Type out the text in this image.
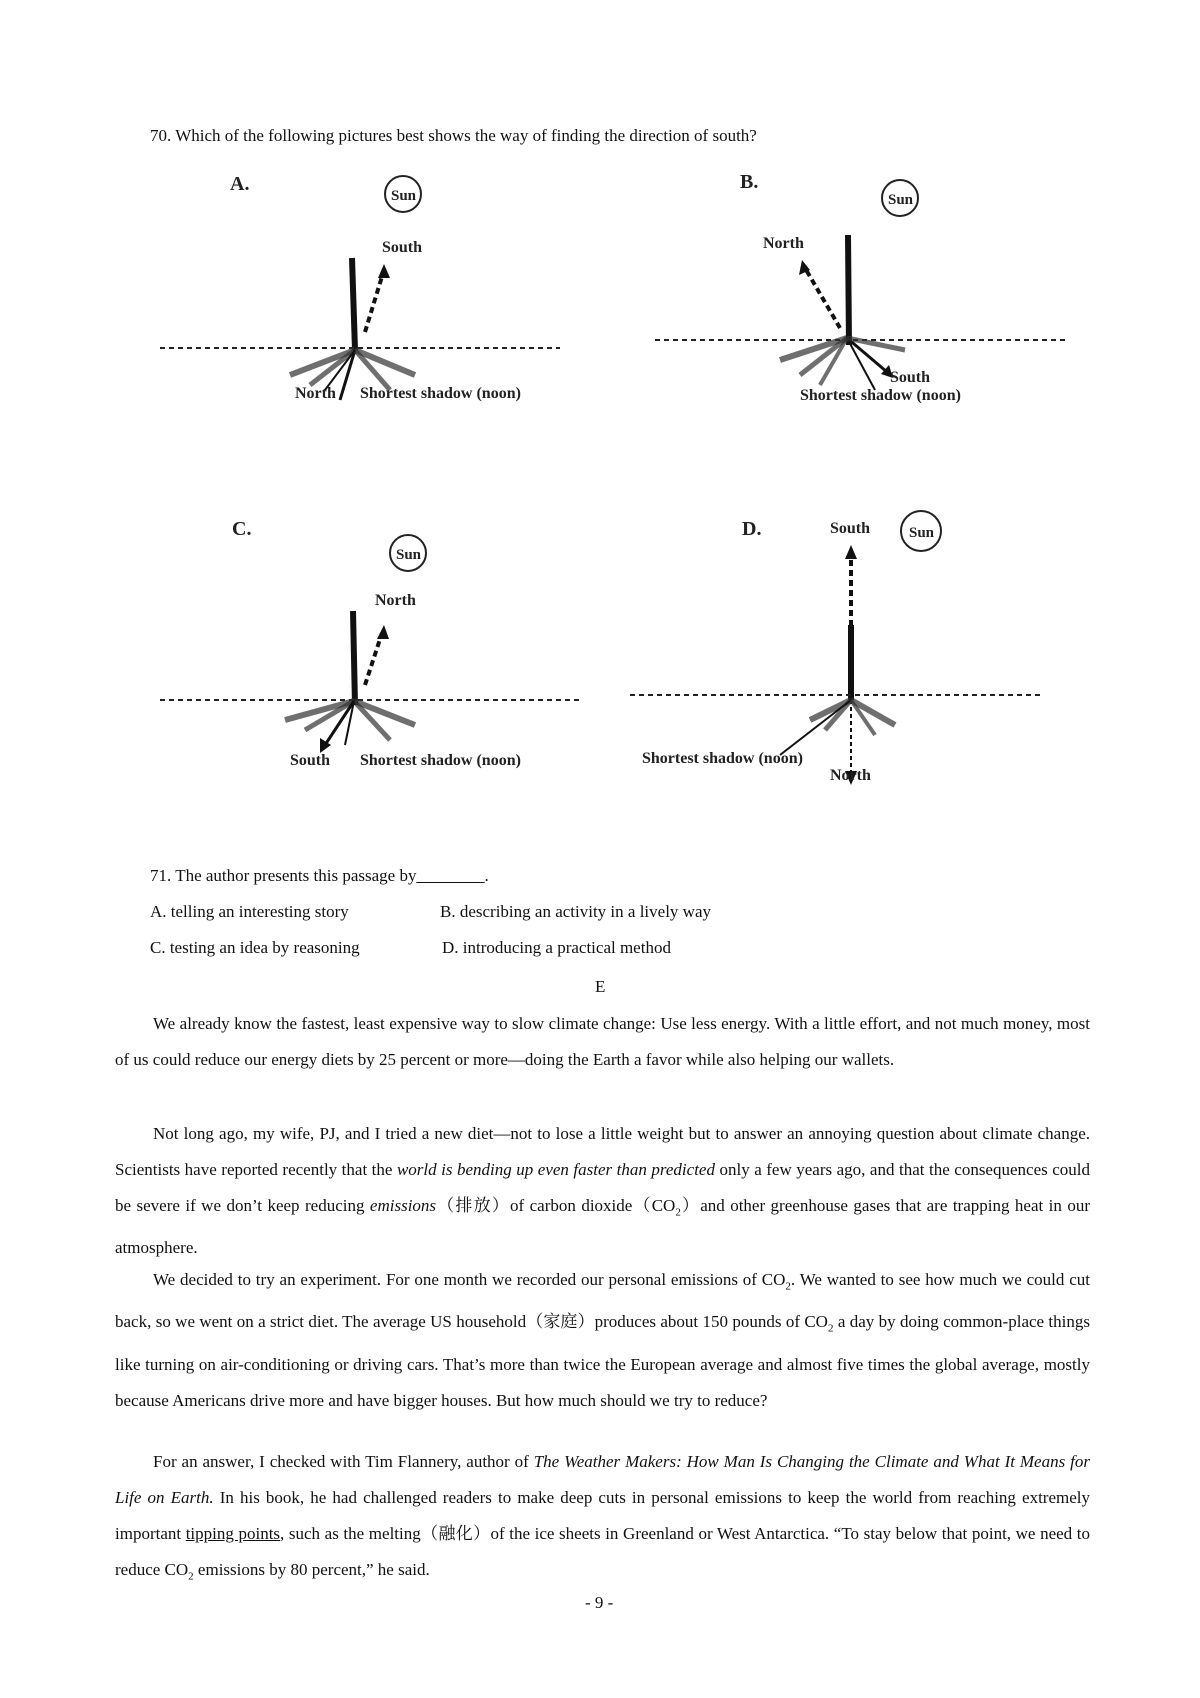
70. Which of the following pictures best shows the way of finding the direction of south?
A.
Sun
South
North Shortest shadow (noon)
B.
Sun
North
South
Shortest shadow (noon)
C.
Sun
North
South Shortest shadow (noon)
D.	South	Sun
Shortest shadow (noon)
North
71. The author presents this passage by________.
A. telling an interesting story	B. describing an activity in a lively way
C. testing an idea by reasoning	D. introducing a practical method
E

We already know the fastest, least expensive way to slow climate change: Use less energy. With a little effort, and not much money, most of us could reduce our energy diets by 25 percent or more—doing the Earth a favor while also helping our wallets.

Not long ago, my wife, PJ, and I tried a new diet—not to lose a little weight but to answer an annoying question about climate change. Scientists have reported recently that the world is bending up even faster than predicted only a few years ago, and that the consequences could be severe if we don’t keep reducing emissions（排放）of carbon $dioxide(CO_2)and$ other greenhouse gases that are trapping heat in our atmosphere.

We decided to try an experiment. For one month we recorded our personal emissions of $CO_2$. We wanted to see how much we could cut back, so we went on a strict diet. The average US household（家庭）produces about 150 pounds of $CO_2$ a day by doing common-place things like turning on air-conditioning or driving cars. That’s more than twice the European average and almost five times the global average, mostly because Americans drive more and have bigger houses. But how much should we try to reduce?

For an answer, I checked with Tim Flannery, author of The Weather Makers: How Man Is Changing the Climate and What It Means for Life on Earth. In his book, he had challenged readers to make deep cuts in personal emissions to keep the world from reaching extremely important tipping points, such as the melting（融化）of the ice sheets in Greenland or West Antarctica. “To stay below that point, we need to reduce $CO_2$ emissions by 80 percent,” he said.

- 9 -
